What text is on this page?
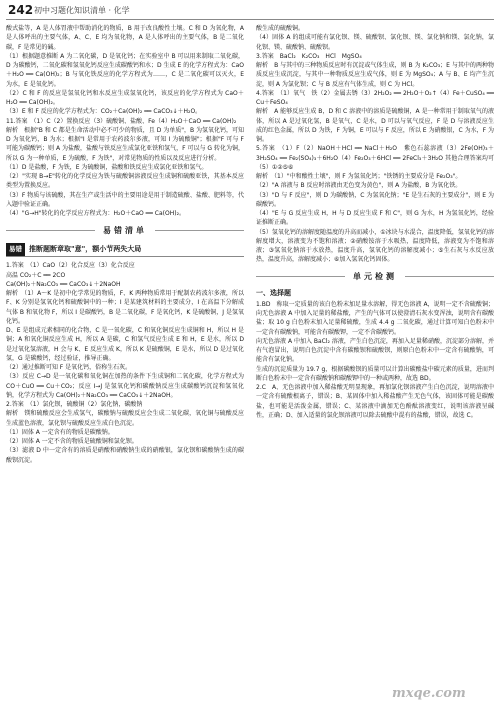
242 初中习题化知识清单 · 化学

酸式盐等，A 是人体胃液中帮助消化的物质，B 用于改良酸性土壤。C 和 D 为氧化物，A 是人体呼出的主要气体，A、C、E 均为氧化物，A 是人体呼出的主要气体，B 是二氧化碳，F 是常见的碱。

（1）根据题意推断 A 为二氧化碳，D 是氧化钙；在实验室中 B 可以用来制取二氧化碳，D 为碳酸钙，二氧化碳和氢氧化钙反应生成碳酸钙和水；D 生成 E 的化学方程式为：CaO＋H₂O ══ Ca(OH)₂；B 与氧化铁反应的化学方程式为……，C 是二氧化碳可以灭火，E 为水，E 是氧化钙。

（2）C 和 F 的反应是氢氧化钙和水反应生成氢氧化钙，该反应的化学方程式为 CaO＋H₂O ══ Ca(OH)₂。

（3）E 和 F 反应的化学方程式为：CO₂＋Ca(OH)₂ ══ CaCO₃↓＋H₂O。

11.答案　（1）C（2）置换反应（3）硫酸铜、盐酸、Fe（4）H₂O＋CaO ══ Ca(OH)₂

解析　根据"B 和 C 都是生命活动中必不可少的物质，且 D 为单质"，B 为氢氧化钙，可知 D 为氧化钙，B 为水；根据"I 是常用于农药波尔多液，可知 I 为硫酸铜"；根据"F 可与 F 可能为碳酸钙；则 A 为盐酸，盐酸与铁反应生成氯化亚铁和氢气，F 可以与 G 转化为铜，所以 G 为一种单质，E 为硫酸，F 为铁"，对常见物质的性质以及反应进行分析。

（1）D 是盐酸，F 为铁，E 为硫酸铜，盐酸和铁反应生成氯化亚铁和氢气。

（2）"实现 B→E"转化的化学反应为铁与硫酸铜溶液反应生成铜和硫酸亚铁，其基本反应类型为置换反应。

（3）F 物质与该硫酸，其在生产或生活中的主要用途是用于制造硫酸、盐酸、肥料等，代入题中验证正确。

（4）"G→H"转化的化学反应方程式为：H₂O＋CaO ══ Ca(OH)₂。

易错清单
易错	推断题断章取"意"，额小节两失大局

1.答案　（1）CaO（2）化合反应（3）化合反应

高温 CO₂＋C ══ 2CO

Ca(OH)₂＋Na₂CO₃ ══ CaCO₃↓＋2NaOH

解析　（1）A～K 是初中化学常见的物质，F、K 两种物质常用于配制农药波尔多液，所以 F、K 分别是氢氧化钙和硫酸铜中的一种；I 是某建筑材料的主要成分，I 在高温下分解成气体 B 和氧化物 F，所以 I 是碳酸钙，B 是二氧化碳，F 是氧化钙，K 是硫酸铜，J 是氢氧化钙。

D、E 是组成元素相同的化合物，C 是一氧化碳，C 和氧化铜反应生成铜和 H，所以 H 是铜；A 和氧化铜反应生成 H，所以 A 是碳，C 和氢气反应生成 E 和 H，E 是水，所以 D 是过氧化氢溶液，H 会与 K、E 反应生成 K，所以 K 是硫酸铜，E 是水，所以 D 是过氧化氢，G 是碳酸钙，经过验证，推导正确。

（2）通过推断可知 F 是氧化钙，俗称生石灰。

（3）反应 C→D 是一氧化碳和氧化铜在加热的条件下生成铜和二氧化碳，化学方程式为 CO＋CuO ══ Cu＋CO₂；反应 I→J 是氢氧化钙和碳酸钠反应生成碳酸钙沉淀和氢氧化钠，化学方程式为 Ca(OH)₂＋Na₂CO₃ ══ CaCO₃↓＋2NaOH。

2.答案　（1）氯化钡，硫酸铜（2）氯化钠，碳酸钠

解析　镁和硫酸反应会生成氢气，碳酸钠与硫酸反应会生成二氧化碳，氧化铜与硫酸反应生成蓝色溶液，氯化钡与硫酸反应生成白色沉淀。

（1）固体 A 一定含有的物质是碳酸钠。

（2）固体 A 一定不含的物质是硫酸铜和氯化钡。

（3）滤液 D 中一定含有的溶质是硝酸和硝酸钠生成的硝酸银，氯化钡和碳酸钠生成的碳酸钡沉淀。

酸生成的硫酸铜。

（4）固体 A 的组成可能有氯化钡、镁、硫酸钡、氯化钡、镁、氯化钠和镁、氯化钠，氯化钡、镁、硫酸钠、硫酸钡。

3.答案　BaCl₂　K₂CO₃　HCl　MgSO₄

解析　B 与其中的三种物质反应时有沉淀或气体生成，则 B 为 K₂CO₃；E 与其中的两种物质反应生成沉淀，与其中一种物质反应生成气体，则 E 为 MgSO₄；A 与 B、E 均产生沉淀，则 A 为氯化钡；C 与 B 反应有气体生成，则 C 为 HCl。

4.答案　（1）氧气　铁（2）金属去锈（3）2H₂O₂ ══ 2H₂O＋O₂↑（4）Fe＋CuSO₄ ══ Cu＋FeSO₄

解析　A 能够反应生成 B，D 和 C 溶液中的溶质是硫酸铜，A 是一种常用于制取氧气的液体，所以 A 是过氧化氢，B 是氧气，C 是水，D 可以与氧气反应，F 是 D 与溶液反应生成的红色金属，所以 D 为铁，F 为铜，E 可以与 F 反应，所以 E 为硝酸银，C 为水，F 为铜。

5.答案　（1）F（2）NaOH＋HCl ══ NaCl＋H₂O　紫色石蕊溶液（3）2Fe(OH)₃＋3H₂SO₄ ══ Fe₂(SO₄)₃＋6H₂O（4）Fe₂O₃＋6HCl ══ 2FeCl₃＋3H₂O 其他合理答案均可（5）①②⑤⑥

解析　（1）"中和酸性土壤"，则 F 为氢氧化钙；"铁锈的主要成分是 Fe₂O₃"。

（2）"A 溶液与 B 反应时溶液由无色变为黄色"，则 A 为盐酸，B 为氧化铁。

（3）"D 与 F 反应"，则 D 为碳酸钠，C 为氢氧化钠；"E 是生石灰的主要成分"，则 E 为碳酸钙。

（4）"E 与 G 反应生成 H，H 与 D 反应生成 F 和 C"，则 G 为水，H 为氢氧化钙，经验证推断正确。

（5）氢氧化钙的溶解度随温度的升高而减小，①冰块与水混合，温度降低，氢氧化钙的溶解度增大，溶液变为不饱和溶液；②硝酸铵溶于水吸热，温度降低，溶液变为不饱和溶液；③氢氧化钠溶于水放热，温度升高，氢氧化钙的溶解度减小；⑤生石灰与水反应放热，温度升高，溶解度减小；⑥加入氢氧化钙固体。

单元检测
一、选择题

1.BD　称取一定质量的该白色粉末加足量水溶解，得无色溶液 A，说明一定不含硫酸铜；向无色溶液 A 中加入足量的稀盐酸，产生的气体可以使澄清石灰水变浑浊，说明含有碳酸盐；取 10 g 白色粉末加入足量稀硫酸，生成 4.4 g 二氧化碳，通过计算可知白色粉末中一定含有碳酸钠，可能含有碳酸钾，一定不含碳酸钙。

向无色溶液 A 中加入 BaCl₂ 溶液，产生白色沉淀，再加入足量稀硝酸，沉淀部分溶解，并有气泡冒出，说明白色沉淀中含有碳酸钡和硫酸钡，则原白色粉末中一定含有硫酸钠，可能含有氯化钠。

生成的沉淀质量为 19.7 g，根据碳酸钡的质量可以计算出碳酸盐中碳元素的质量，进而判断白色粉末中一定含有碳酸钠和碳酸钾中的一种或两种，故选 BD。

2.C　A、无色溶液中加入稀盐酸无明显现象，再加氯化钡溶液产生白色沉淀，说明溶液中一定含有硫酸根离子，错误；B、某固体中加入稀盐酸产生无色气体，该固体可能是碳酸盐，也可能是活泼金属，错误；C、某溶液中滴加无色酚酞溶液变红，说明该溶液呈碱性，正确；D、加入适量的氯化钡溶液可以除去硫酸中混有的盐酸，错误，故选 C。

mxqe.com
